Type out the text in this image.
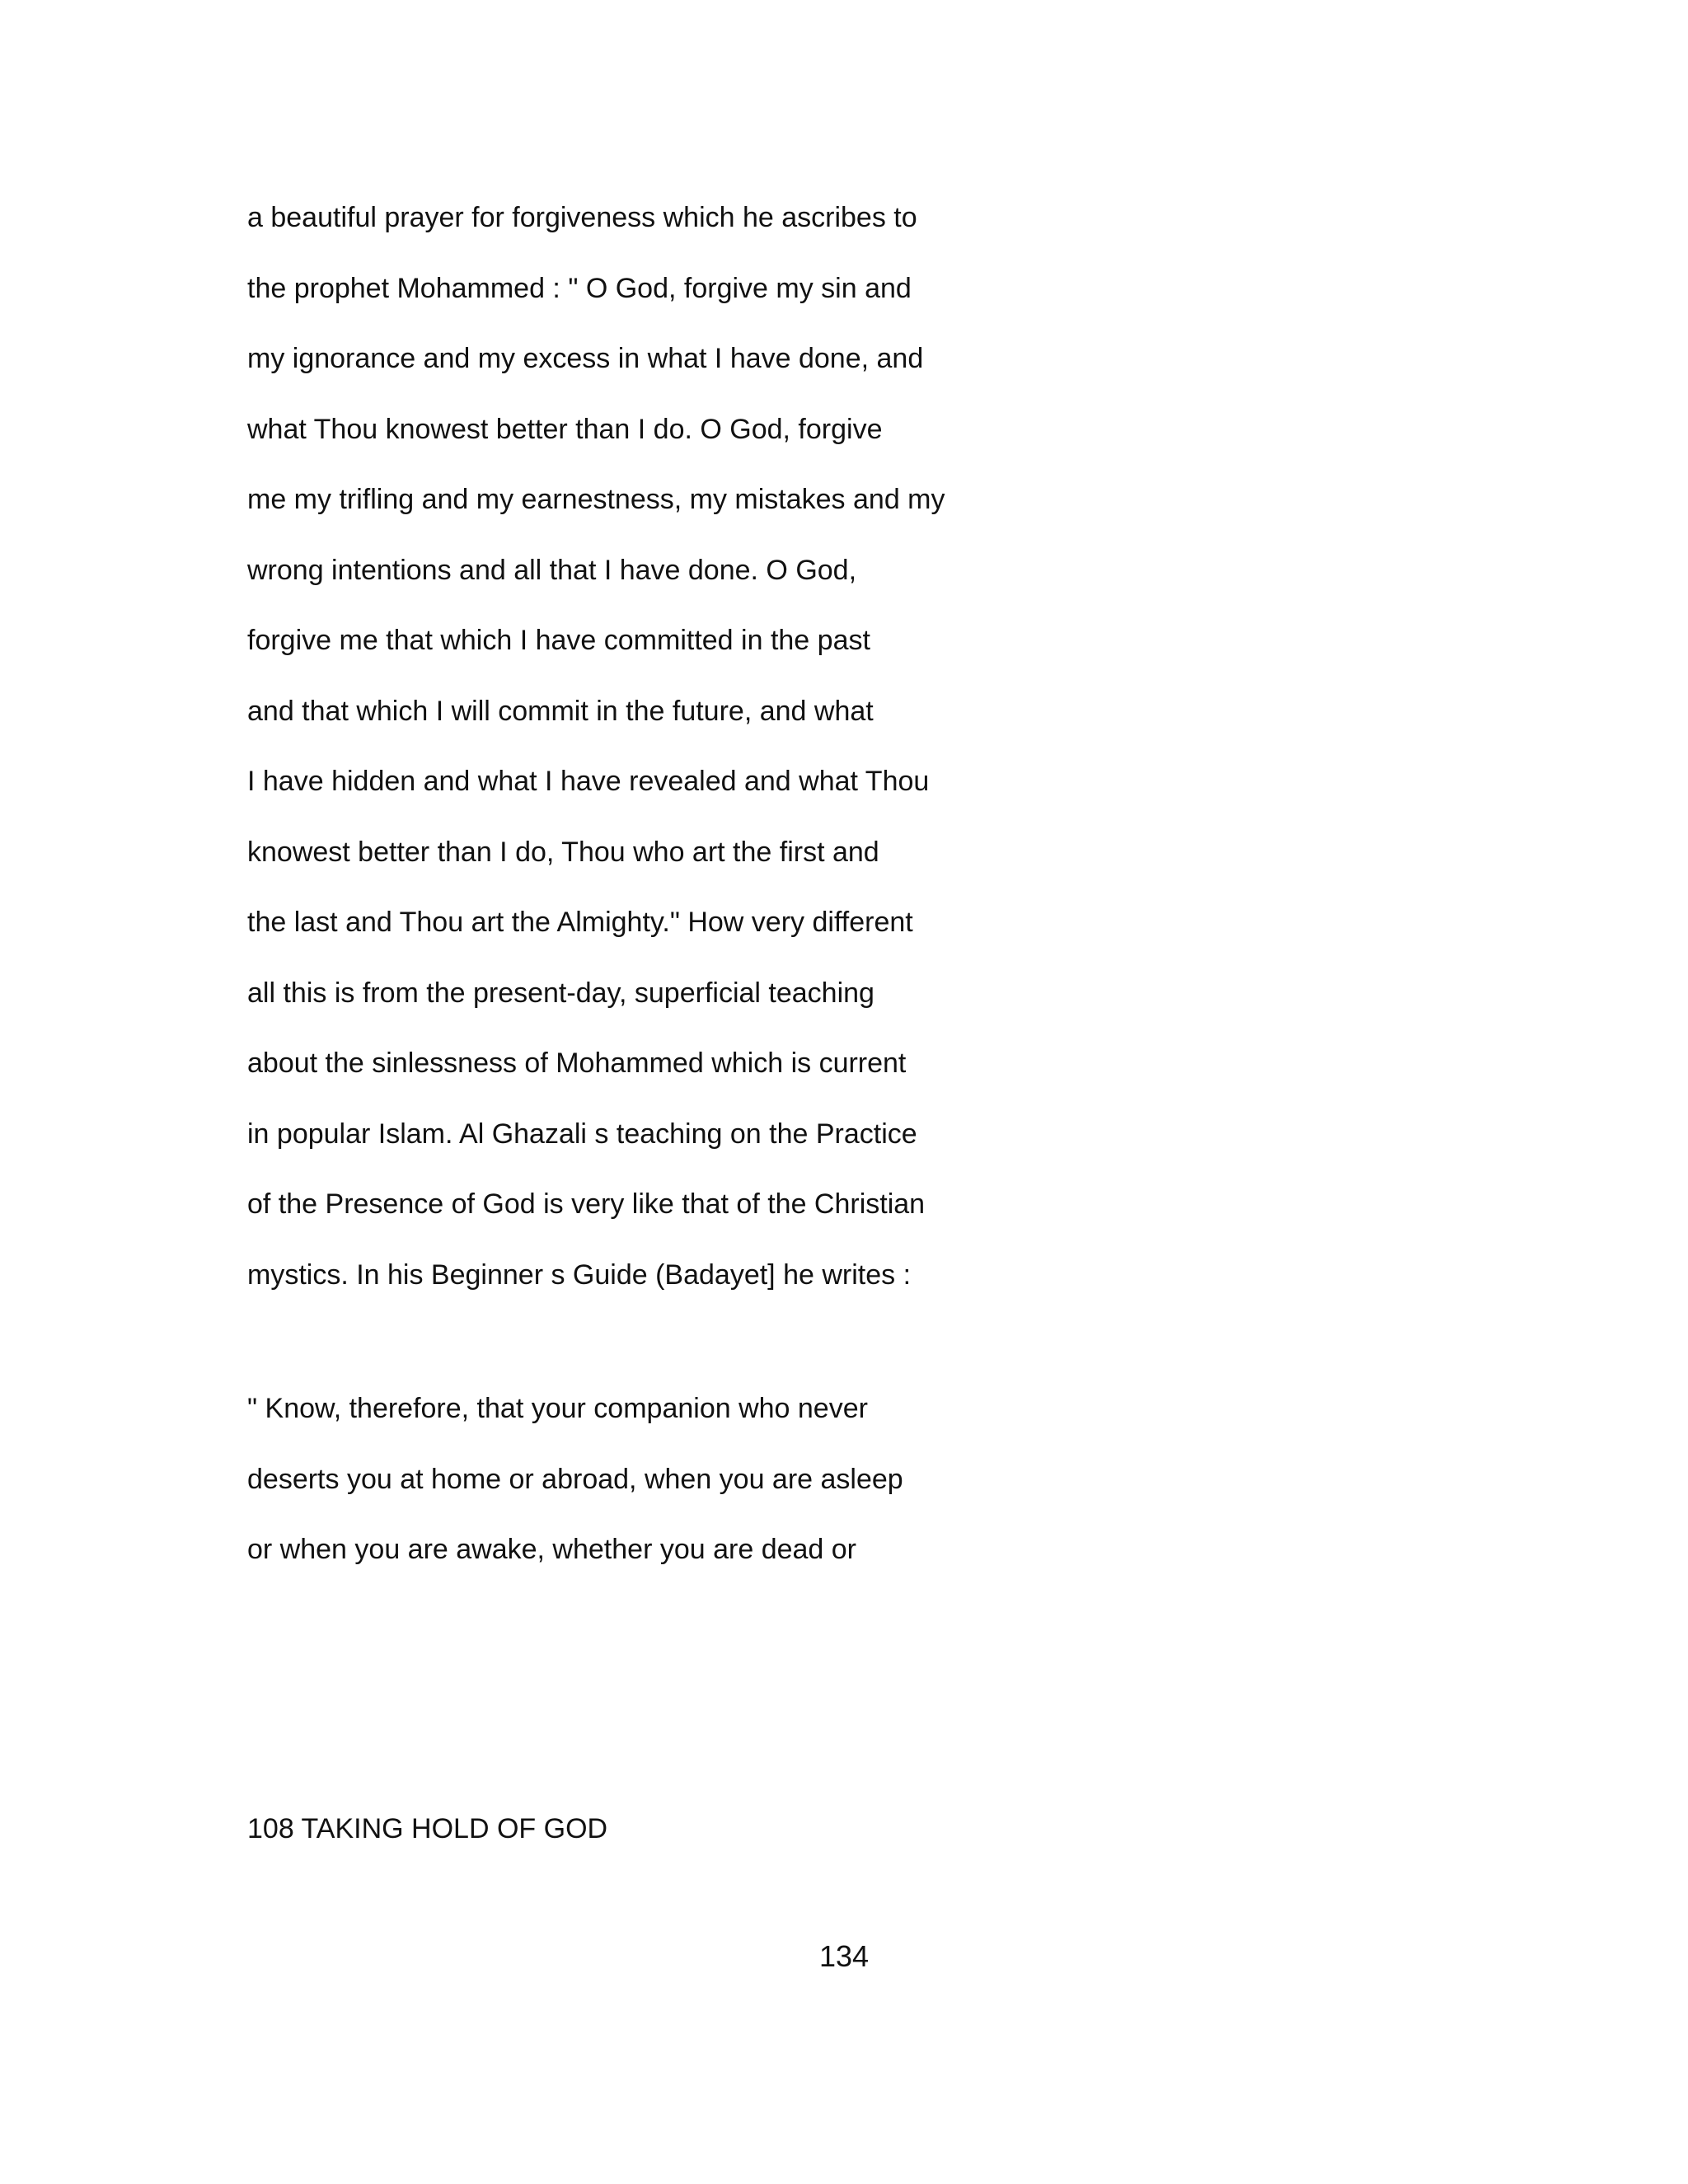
a beautiful prayer for forgiveness which he ascribes to
the prophet Mohammed : " O God, forgive my sin and
my ignorance and my excess in what I have done, and
what Thou knowest better than I do. O God, forgive
me my trifling and my earnestness, my mistakes and my
wrong intentions and all that I have done. O God,
forgive me that which I have committed in the past
and that which I will commit in the future, and what
I have hidden and what I have revealed and what Thou
knowest better than I do, Thou who art the first and
the last and Thou art the Almighty." How very different
all this is from the present-day, superficial teaching
about the sinlessness of Mohammed which is current
in popular Islam. Al Ghazali s teaching on the Practice
of the Presence of God is very like that of the Christian
mystics. In his Beginner s Guide (Badayet] he writes :
" Know, therefore, that your companion who never
deserts you at home or abroad, when you are asleep
or when you are awake, whether you are dead or
108 TAKING HOLD OF GOD
134
